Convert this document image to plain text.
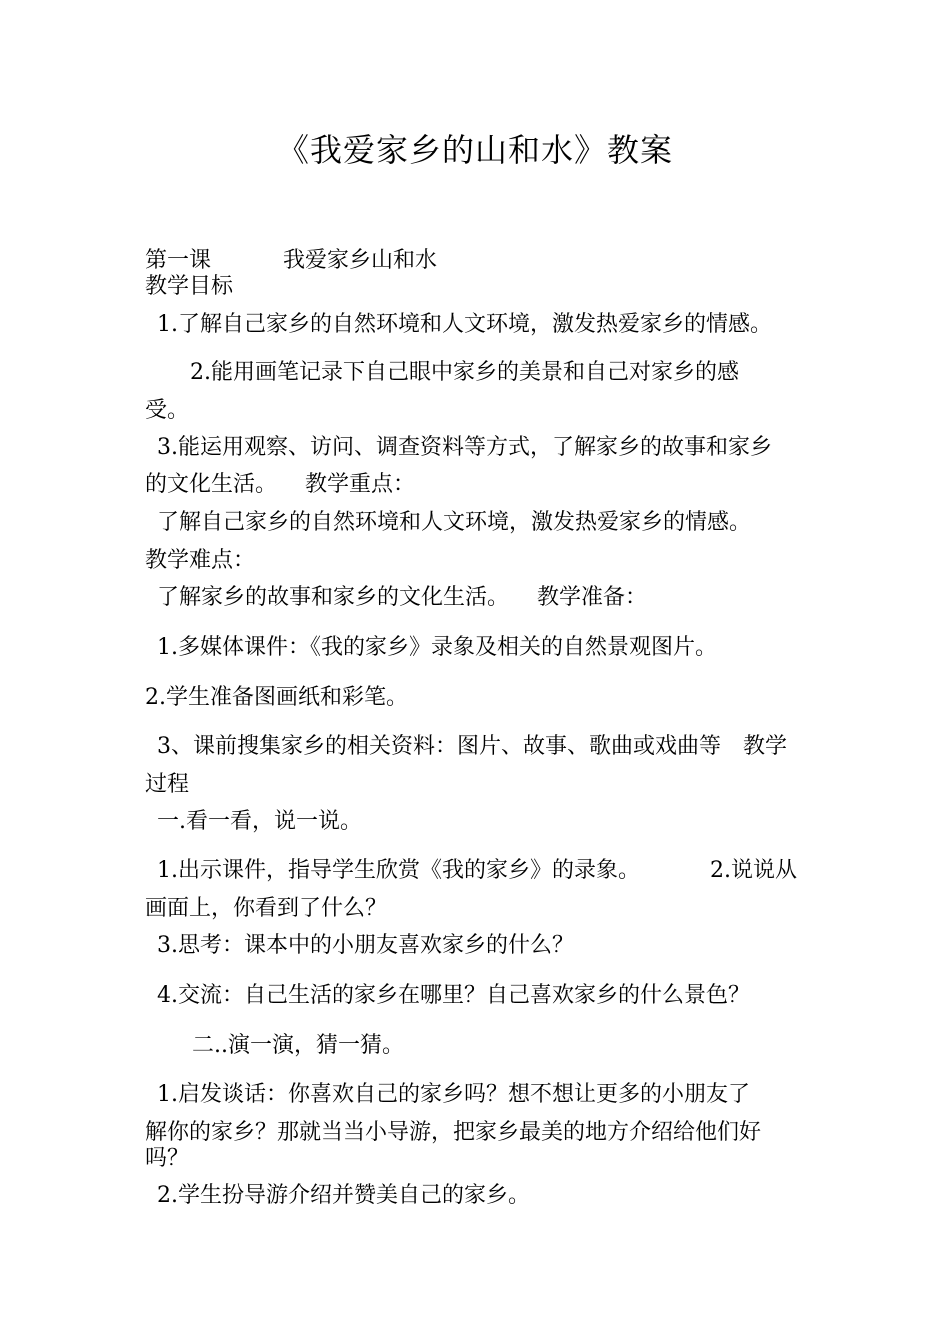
《我爱家乡的山和水》教案
第一课	我爱家乡山和水
教学目标
1.了解自己家乡的自然环境和人文环境，激发热爱家乡的情感。
2.能用画笔记录下自己眼中家乡的美景和自己对家乡的感
受。
3.能运用观察、访问、调查资料等方式，了解家乡的故事和家乡
的文化生活。 教学重点：
了解自己家乡的自然环境和人文环境，激发热爱家乡的情感。
教学难点：
了解家乡的故事和家乡的文化生活。 教学准备：
1.多媒体课件：《我的家乡》录象及相关的自然景观图片。
2.学生准备图画纸和彩笔。
3、课前搜集家乡的相关资料：图片、故事、歌曲或戏曲等 教学
过程
一.看一看，说一说。
1.出示课件，指导学生欣赏《我的家乡》的录象。	2.说说从
画面上，你看到了什么？
3.思考：课本中的小朋友喜欢家乡的什么？
4.交流：自己生活的家乡在哪里？自己喜欢家乡的什么景色？
二..演一演，猜一猜。
1.启发谈话：你喜欢自己的家乡吗？想不想让更多的小朋友了
解你的家乡？那就当当小导游，把家乡最美的地方介绍给他们好
吗？
2.学生扮导游介绍并赞美自己的家乡。
